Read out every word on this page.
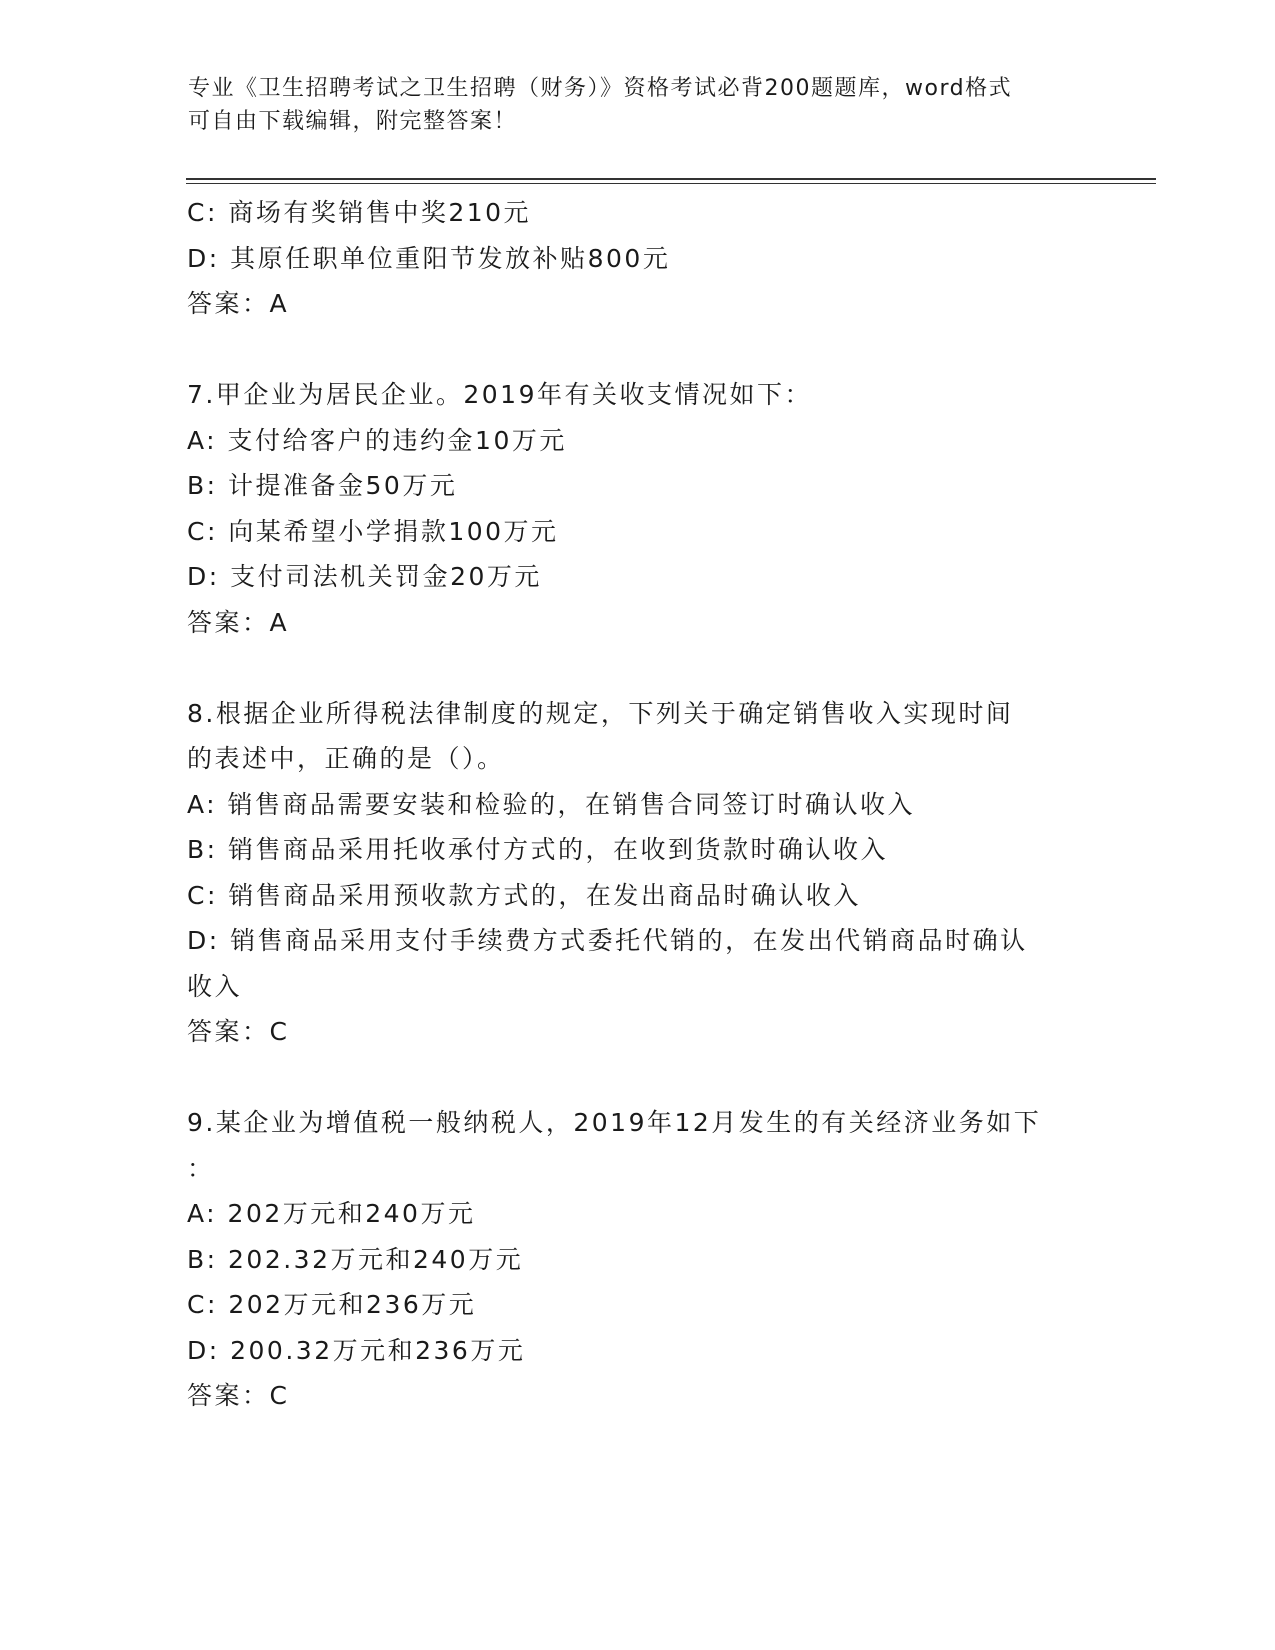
专业《卫生招聘考试之卫生招聘（财务）》资格考试必背200题题库，word格式
可自由下载编辑，附完整答案！
C: 商场有奖销售中奖210元
D: 其原任职单位重阳节发放补贴800元
答案：A
7.甲企业为居民企业。2019年有关收支情况如下：
A: 支付给客户的违约金10万元
B: 计提准备金50万元
C: 向某希望小学捐款100万元
D: 支付司法机关罚金20万元
答案：A
8.根据企业所得税法律制度的规定，下列关于确定销售收入实现时间
的表述中，正确的是（）。
A: 销售商品需要安装和检验的，在销售合同签订时确认收入
B: 销售商品采用托收承付方式的，在收到货款时确认收入
C: 销售商品采用预收款方式的，在发出商品时确认收入
D: 销售商品采用支付手续费方式委托代销的，在发出代销商品时确认
收入
答案：C
9.某企业为增值税一般纳税人，2019年12月发生的有关经济业务如下
：
A: 202万元和240万元
B: 202.32万元和240万元
C: 202万元和236万元
D: 200.32万元和236万元
答案：C
